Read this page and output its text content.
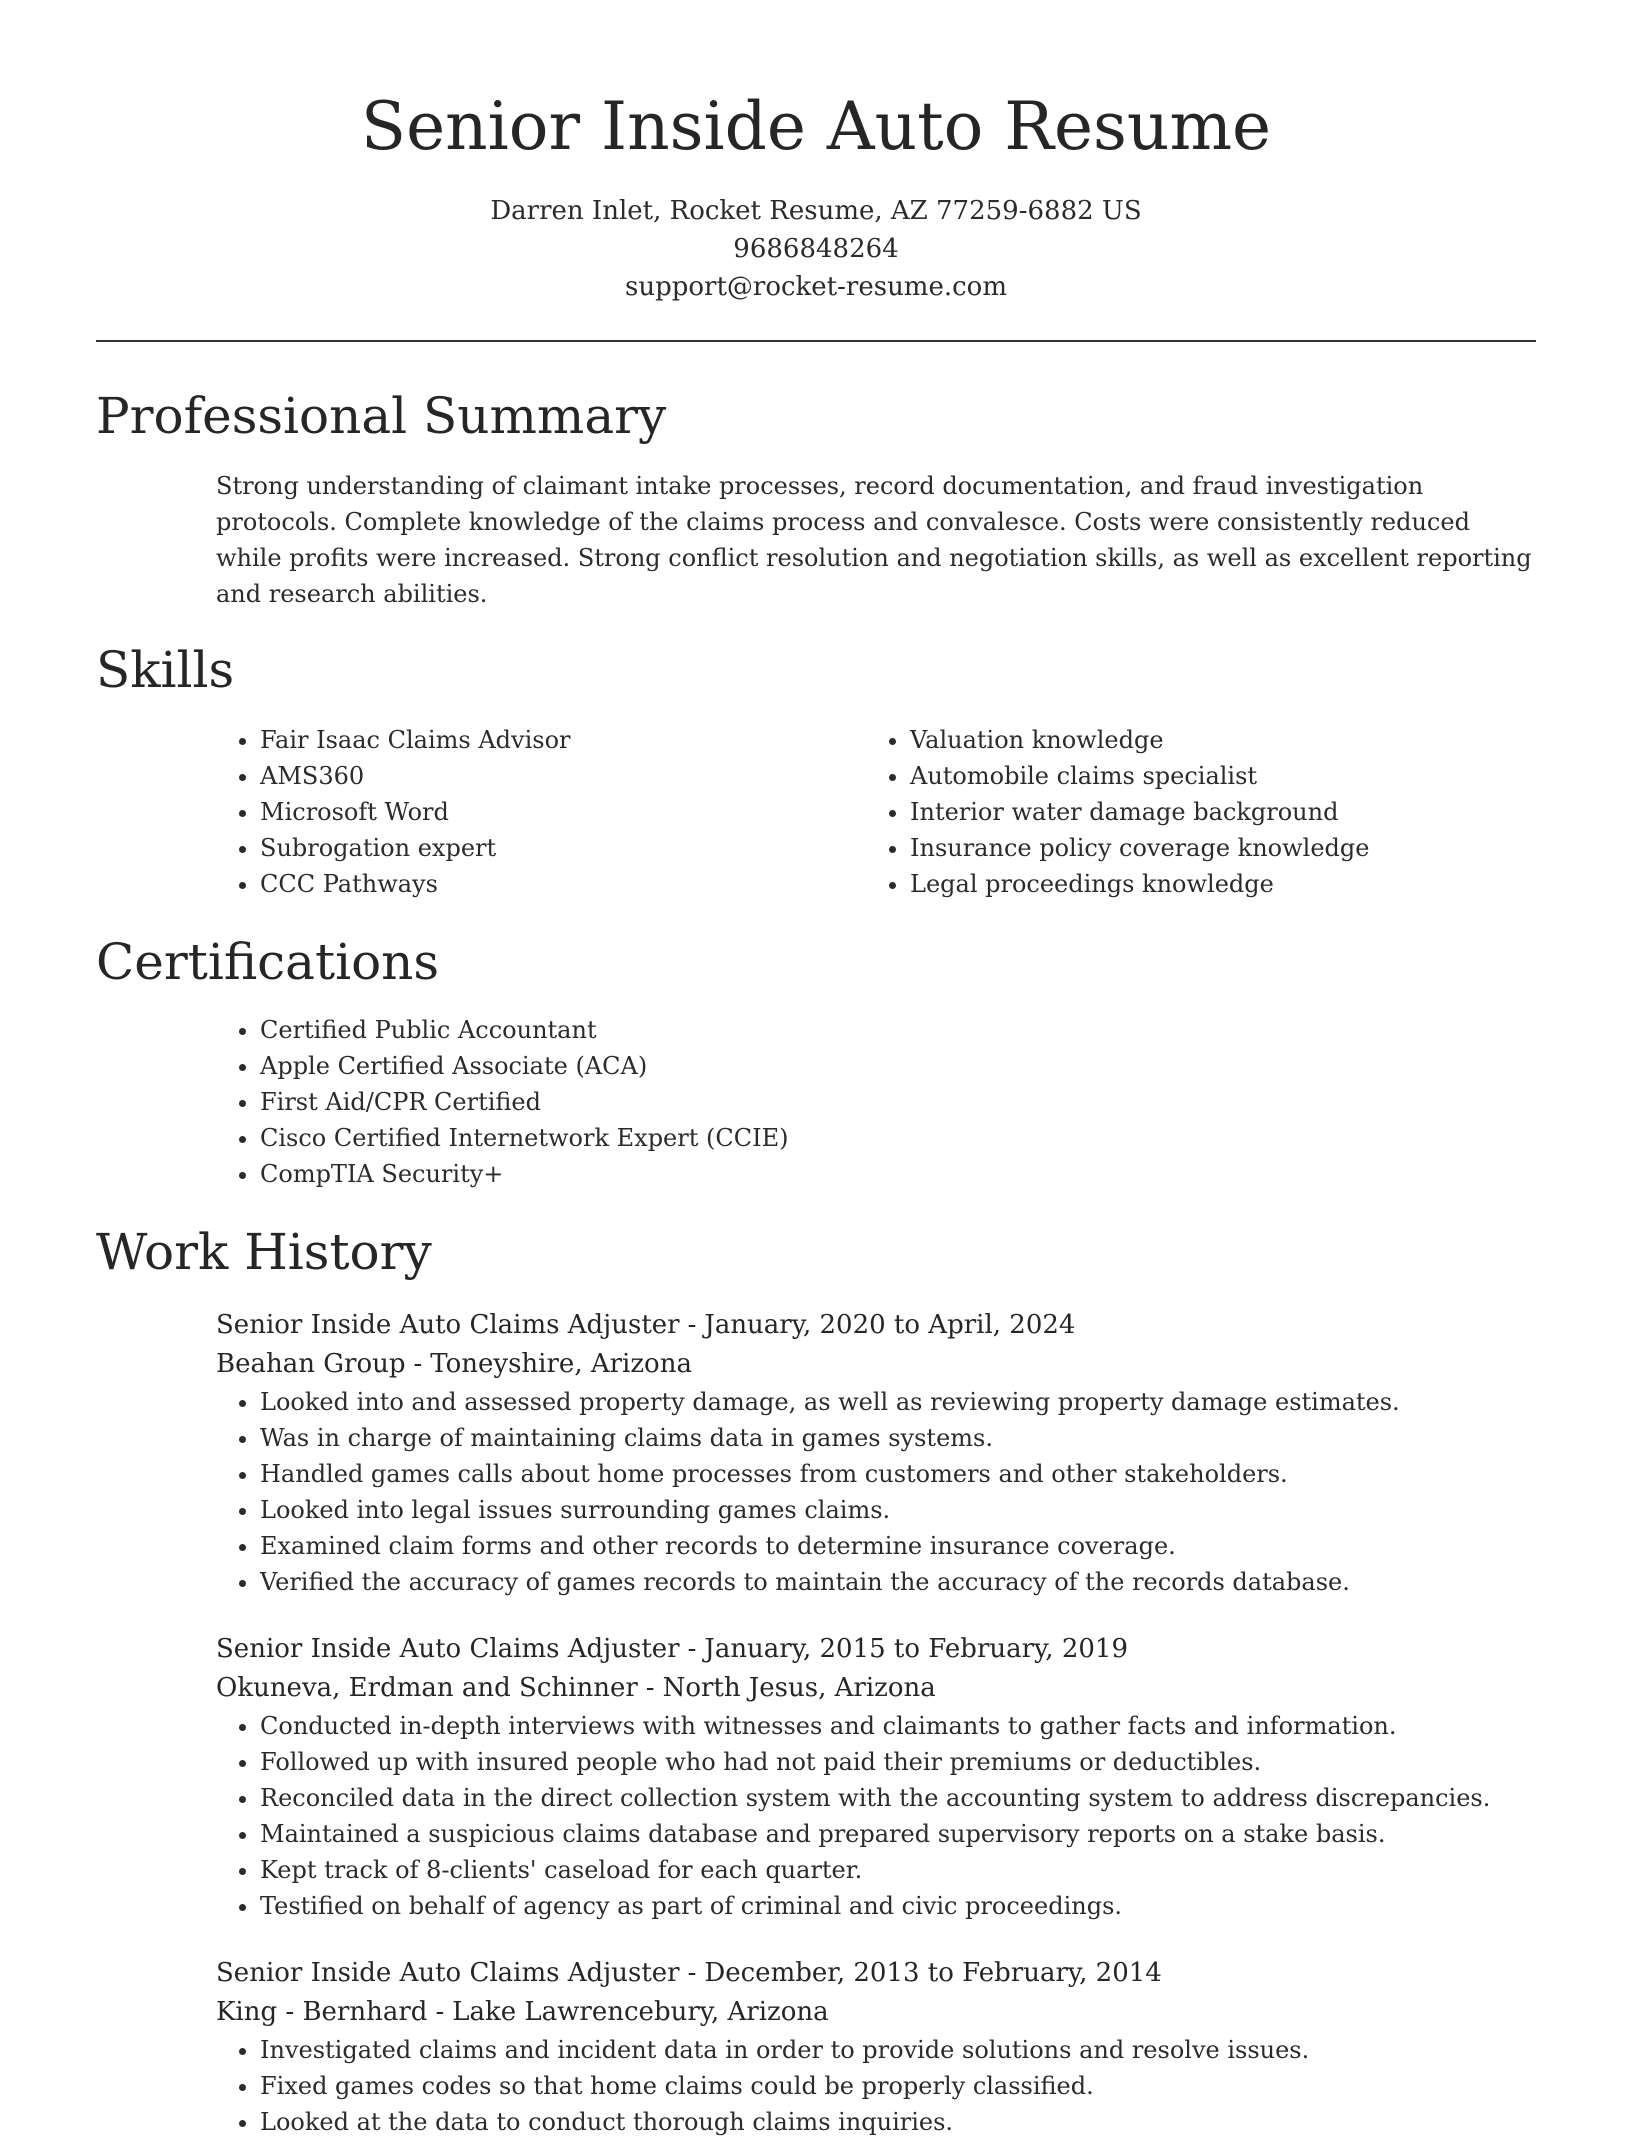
Senior Inside Auto Resume
Darren Inlet, Rocket Resume, AZ 77259-6882 US
9686848264
support@rocket-resume.com
Professional Summary

Strong understanding of claimant intake processes, record documentation, and fraud investigation protocols. Complete knowledge of the claims process and convalesce. Costs were consistently reduced while profits were increased. Strong conflict resolution and negotiation skills, as well as excellent reporting and research abilities.

Skills
• Fair Isaac Claims Advisor
• AMS360
• Microsoft Word
• Subrogation expert
• CCC Pathways
• Valuation knowledge
• Automobile claims specialist
• Interior water damage background
• Insurance policy coverage knowledge
• Legal proceedings knowledge
Certifications
• Certified Public Accountant
• Apple Certified Associate (ACA)
• First Aid/CPR Certified
• Cisco Certified Internetwork Expert (CCIE)
• CompTIA Security+
Work History
Senior Inside Auto Claims Adjuster - January, 2020 to April, 2024
Beahan Group - Toneyshire, Arizona
• Looked into and assessed property damage, as well as reviewing property damage estimates.
• Was in charge of maintaining claims data in games systems.
• Handled games calls about home processes from customers and other stakeholders.
• Looked into legal issues surrounding games claims.
• Examined claim forms and other records to determine insurance coverage.
• Verified the accuracy of games records to maintain the accuracy of the records database.
Senior Inside Auto Claims Adjuster - January, 2015 to February, 2019
Okuneva, Erdman and Schinner - North Jesus, Arizona
• Conducted in-depth interviews with witnesses and claimants to gather facts and information.
• Followed up with insured people who had not paid their premiums or deductibles.
• Reconciled data in the direct collection system with the accounting system to address discrepancies.
• Maintained a suspicious claims database and prepared supervisory reports on a stake basis.
• Kept track of 8-clients' caseload for each quarter.
• Testified on behalf of agency as part of criminal and civic proceedings.
Senior Inside Auto Claims Adjuster - December, 2013 to February, 2014
King - Bernhard - Lake Lawrencebury, Arizona
• Investigated claims and incident data in order to provide solutions and resolve issues.
• Fixed games codes so that home claims could be properly classified.
• Looked at the data to conduct thorough claims inquiries.
